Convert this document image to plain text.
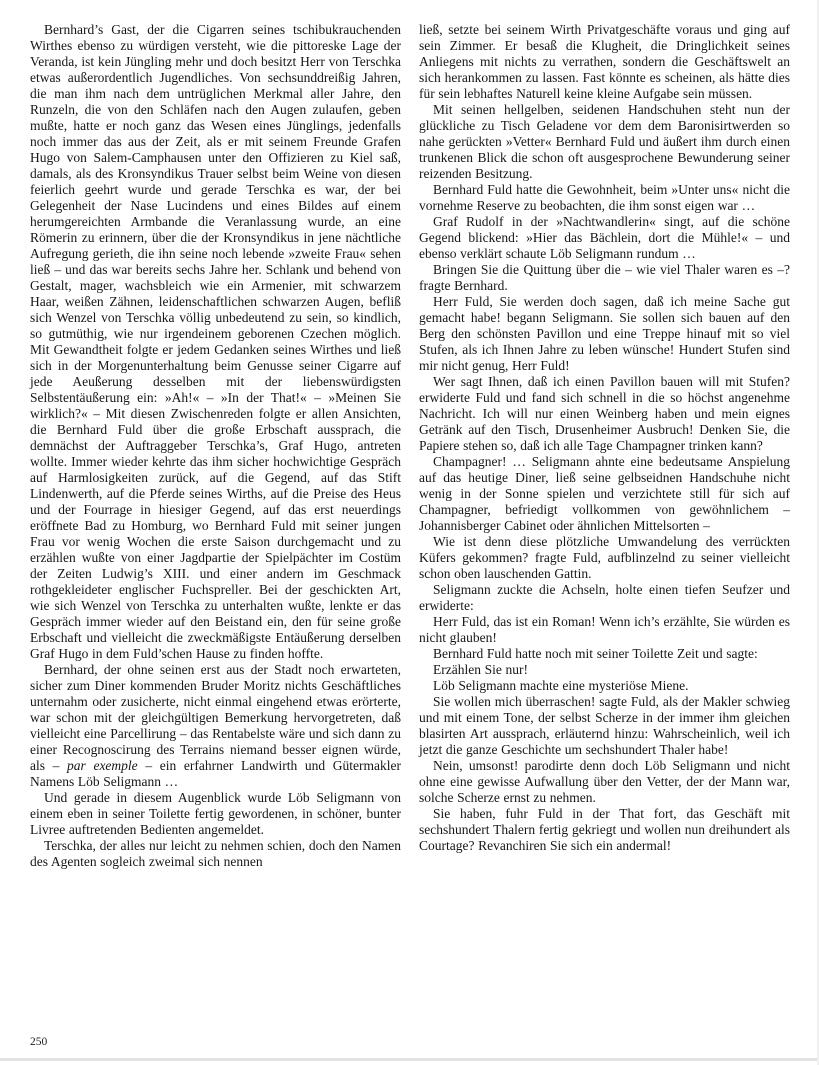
Bernhard’s Gast, der die Cigarren seines tschibukrauchenden Wirthes ebenso zu würdigen versteht, wie die pittoreske Lage der Veranda, ist kein Jüngling mehr und doch besitzt Herr von Terschka etwas außerordentlich Jugendliches. Von sechsunddreißig Jahren, die man ihm nach dem untrüglichen Merkmal aller Jahre, den Runzeln, die von den Schläfen nach den Augen zulaufen, geben mußte, hatte er noch ganz das Wesen eines Jünglings, jedenfalls noch immer das aus der Zeit, als er mit seinem Freunde Grafen Hugo von Salem-Camphausen unter den Offizieren zu Kiel saß, damals, als des Kronsyndikus Trauer selbst beim Weine von diesen feierlich geehrt wurde und gerade Terschka es war, der bei Gelegenheit der Nase Lucindens und eines Bildes auf einem herumgereichten Armbande die Veranlassung wurde, an eine Römerin zu erinnern, über die der Kronsyndikus in jene nächtliche Aufregung gerieth, die ihn seine noch lebende »zweite Frau« sehen ließ – und das war bereits sechs Jahre her. Schlank und behend von Gestalt, mager, wachsbleich wie ein Armenier, mit schwarzem Haar, weißen Zähnen, leidenschaftlichen schwarzen Augen, befliß sich Wenzel von Terschka völlig unbedeutend zu sein, so kindlich, so gutmüthig, wie nur irgendeinem geborenen Czechen möglich. Mit Gewandtheit folgte er jedem Gedanken seines Wirthes und ließ sich in der Morgenunterhaltung beim Genusse seiner Cigarre auf jede Aeußerung desselben mit der liebenswürdigsten Selbstentäußerung ein: »Ah!« – »In der That!« – »Meinen Sie wirklich?« – Mit diesen Zwischenreden folgte er allen Ansichten, die Bernhard Fuld über die große Erbschaft aussprach, die demnächst der Auftraggeber Terschka’s, Graf Hugo, antreten wollte. Immer wieder kehrte das ihm sicher hochwichtige Gespräch auf Harmlosigkeiten zurück, auf die Gegend, auf das Stift Lindenwerth, auf die Pferde seines Wirths, auf die Preise des Heus und der Fourrage in hiesiger Gegend, auf das erst neuerdings eröffnete Bad zu Homburg, wo Bernhard Fuld mit seiner jungen Frau vor wenig Wochen die erste Saison durchgemacht und zu erzählen wußte von einer Jagdpartie der Spielpächter im Costüm der Zeiten Ludwig’s XIII. und einer andern im Geschmack rothgekleideter englischer Fuchspreller. Bei der geschickten Art, wie sich Wenzel von Terschka zu unterhalten wußte, lenkte er das Gespräch immer wieder auf den Beistand ein, den für seine große Erbschaft und vielleicht die zweckmäßigste Entäußerung derselben Graf Hugo in dem Fuld’schen Hause zu finden hoffte.

Bernhard, der ohne seinen erst aus der Stadt noch erwarteten, sicher zum Diner kommenden Bruder Moritz nichts Geschäftliches unternahm oder zusicherte, nicht einmal eingehend etwas erörterte, war schon mit der gleichgültigen Bemerkung hervorgetreten, daß vielleicht eine Parcellirung – das Rentabelste wäre und sich dann zu einer Recognoscirung des Terrains niemand besser eignen würde, als – par exemple – ein erfahrner Landwirth und Gütermakler Namens Löb Seligmann …

Und gerade in diesem Augenblick wurde Löb Seligmann von einem eben in seiner Toilette fertig gewordenen, in schöner, bunter Livree auftretenden Bedienten angemeldet.

Terschka, der alles nur leicht zu nehmen schien, doch den Namen des Agenten sogleich zweimal sich nennen

ließ, setzte bei seinem Wirth Privatgeschäfte voraus und ging auf sein Zimmer. Er besaß die Klugheit, die Dringlichkeit seines Anliegens mit nichts zu verrathen, sondern die Geschäftswelt an sich herankommen zu lassen. Fast könnte es scheinen, als hätte dies für sein lebhaftes Naturell keine kleine Aufgabe sein müssen.

Mit seinen hellgelben, seidenen Handschuhen steht nun der glückliche zu Tisch Geladene vor dem dem Baronisirtwerden so nahe gerückten »Vetter« Bernhard Fuld und äußert ihm durch einen trunkenen Blick die schon oft ausgesprochene Bewunderung seiner reizenden Besitzung.

Bernhard Fuld hatte die Gewohnheit, beim »Unter uns« nicht die vornehme Reserve zu beobachten, die ihm sonst eigen war …

Graf Rudolf in der »Nachtwandlerin« singt, auf die schöne Gegend blickend: »Hier das Bächlein, dort die Mühle!« – und ebenso verklärt schaute Löb Seligmann rundum …

Bringen Sie die Quittung über die – wie viel Thaler waren es –? fragte Bernhard.

Herr Fuld, Sie werden doch sagen, daß ich meine Sache gut gemacht habe! begann Seligmann. Sie sollen sich bauen auf den Berg den schönsten Pavillon und eine Treppe hinauf mit so viel Stufen, als ich Ihnen Jahre zu leben wünsche! Hundert Stufen sind mir nicht genug, Herr Fuld!

Wer sagt Ihnen, daß ich einen Pavillon bauen will mit Stufen? erwiderte Fuld und fand sich schnell in die so höchst angenehme Nachricht. Ich will nur einen Weinberg haben und mein eignes Getränk auf den Tisch, Drusenheimer Ausbruch! Denken Sie, die Papiere stehen so, daß ich alle Tage Champagner trinken kann?

Champagner! … Seligmann ahnte eine bedeutsame Anspielung auf das heutige Diner, ließ seine gelbseidnen Handschuhe nicht wenig in der Sonne spielen und verzichtete still für sich auf Champagner, befriedigt vollkommen von gewöhnlichem – Johannisberger Cabinet oder ähnlichen Mittelsorten –

Wie ist denn diese plötzliche Umwandelung des verrückten Küfers gekommen? fragte Fuld, aufblinzelnd zu seiner vielleicht schon oben lauschenden Gattin.

Seligmann zuckte die Achseln, holte einen tiefen Seufzer und erwiderte:

Herr Fuld, das ist ein Roman! Wenn ich’s erzählte, Sie würden es nicht glauben!

Bernhard Fuld hatte noch mit seiner Toilette Zeit und sagte:

Erzählen Sie nur!

Löb Seligmann machte eine mysteriöse Miene.

Sie wollen mich überraschen! sagte Fuld, als der Makler schwieg und mit einem Tone, der selbst Scherze in der immer ihm gleichen blasirten Art aussprach, erläuternd hinzu: Wahrscheinlich, weil ich jetzt die ganze Geschichte um sechshundert Thaler habe!

Nein, umsonst! parodirte denn doch Löb Seligmann und nicht ohne eine gewisse Aufwallung über den Vetter, der der Mann war, solche Scherze ernst zu nehmen.

Sie haben, fuhr Fuld in der That fort, das Geschäft mit sechshundert Thalern fertig gekriegt und wollen nun dreihundert als Courtage? Revanchiren Sie sich ein andermal!

250
